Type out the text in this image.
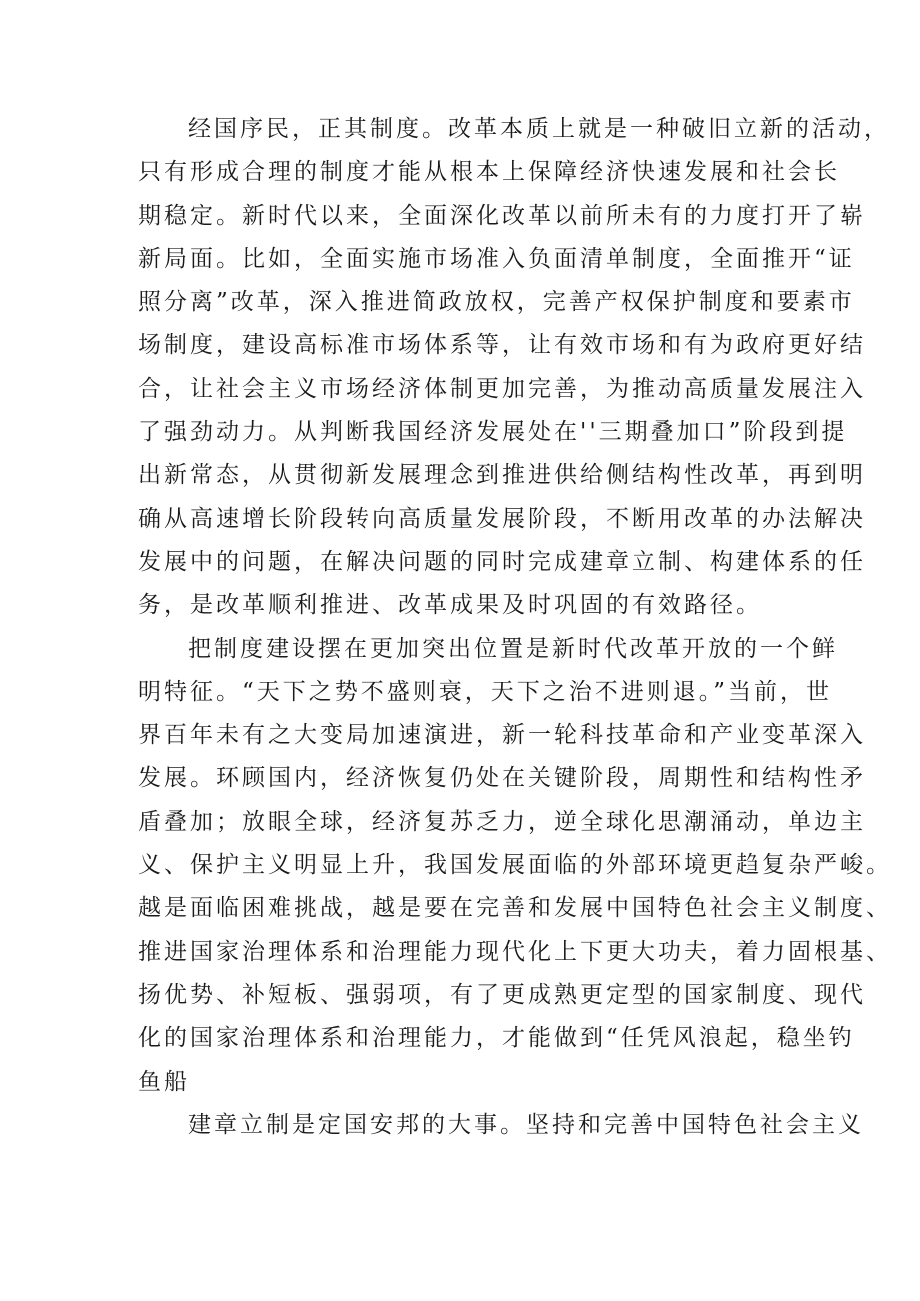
经国序民，正其制度。改革本质上就是一种破旧立新的活动，
只有形成合理的制度才能从根本上保障经济快速发展和社会长
期稳定。新时代以来，全面深化改革以前所未有的力度打开了崭
新局面。比如，全面实施市场准入负面清单制度，全面推开“证
照分离”改革，深入推进简政放权，完善产权保护制度和要素市
场制度，建设高标准市场体系等，让有效市场和有为政府更好结
合，让社会主义市场经济体制更加完善，为推动高质量发展注入
了强劲动力。从判断我国经济发展处在''三期叠加口”阶段到提
出新常态，从贯彻新发展理念到推进供给侧结构性改革，再到明
确从高速增长阶段转向高质量发展阶段，不断用改革的办法解决
发展中的问题，在解决问题的同时完成建章立制、构建体系的任
务，是改革顺利推进、改革成果及时巩固的有效路径。
把制度建设摆在更加突出位置是新时代改革开放的一个鲜
明特征。“天下之势不盛则衰，天下之治不进则退。”当前，世
界百年未有之大变局加速演进，新一轮科技革命和产业变革深入
发展。环顾国内，经济恢复仍处在关键阶段，周期性和结构性矛
盾叠加；放眼全球，经济复苏乏力，逆全球化思潮涌动，单边主
义、保护主义明显上升，我国发展面临的外部环境更趋复杂严峻。
越是面临困难挑战，越是要在完善和发展中国特色社会主义制度、
推进国家治理体系和治理能力现代化上下更大功夫，着力固根基、
扬优势、补短板、强弱项，有了更成熟更定型的国家制度、现代
化的国家治理体系和治理能力，才能做到“任凭风浪起，稳坐钓
鱼船
建章立制是定国安邦的大事。坚持和完善中国特色社会主义
